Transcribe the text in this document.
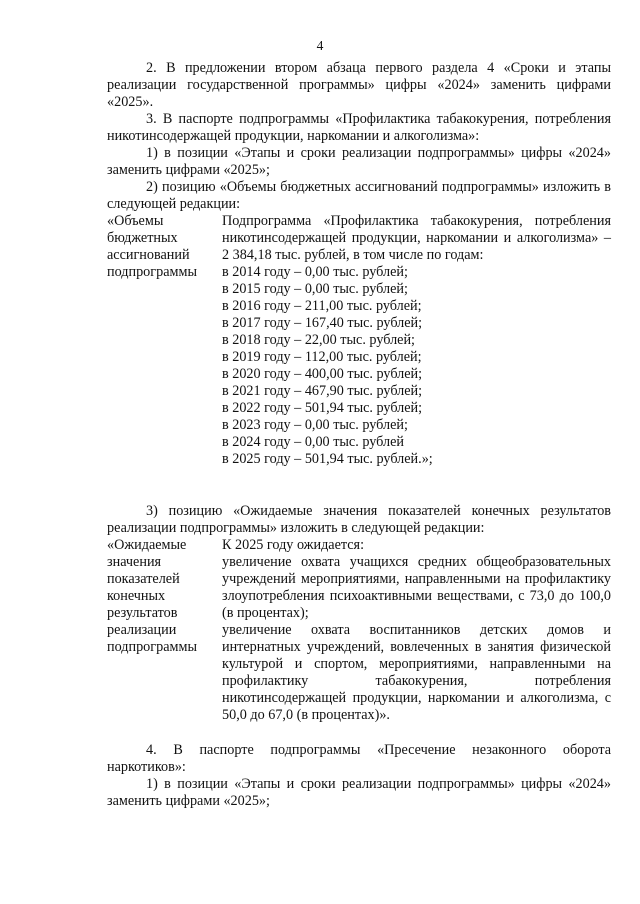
4

2. В предложении втором абзаца первого раздела 4 «Сроки и этапы реализации государственной программы» цифры «2024» заменить цифрами «2025».

3. В паспорте подпрограммы «Профилактика табакокурения, потребления никотинсодержащей продукции, наркомании и алкоголизма»:

1) в позиции «Этапы и сроки реализации подпрограммы» цифры «2024» заменить цифрами «2025»;

2) позицию «Объемы бюджетных ассигнований подпрограммы» изложить в следующей редакции:

«Объемы бюджетных ассигнований подпрограммы

Подпрограмма «Профилактика табакокурения, потребления никотинсодержащей продукции, наркомании и алкоголизма» – 2 384,18 тыс. рублей, в том числе по годам:

в 2014 году – 0,00 тыс. рублей;

в 2015 году – 0,00 тыс. рублей;

в 2016 году – 211,00 тыс. рублей;

в 2017 году – 167,40 тыс. рублей;

в 2018 году – 22,00 тыс. рублей;

в 2019 году – 112,00 тыс. рублей;

в 2020 году – 400,00 тыс. рублей;

в 2021 году – 467,90 тыс. рублей;

в 2022 году – 501,94 тыс. рублей;

в 2023 году – 0,00 тыс. рублей;

в 2024 году – 0,00 тыс. рублей

в 2025 году – 501,94 тыс. рублей.»;

3) позицию «Ожидаемые значения показателей конечных результатов реализации подпрограммы» изложить в следующей редакции:

«Ожидаемые значения показателей конечных результатов реализации подпрограммы

К 2025 году ожидается:

увеличение охвата учащихся средних общеобразовательных учреждений мероприятиями, направленными на профилактику злоупотребления психоактивными веществами, с 73,0 до 100,0 (в процентах);

увеличение охвата воспитанников детских домов и интернатных учреждений, вовлеченных в занятия физической культурой и спортом, мероприятиями, направленными на профилактику табакокурения, потребления никотинсодержащей продукции, наркомании и алкоголизма, с 50,0 до 67,0 (в процентах)».

4. В паспорте подпрограммы «Пресечение незаконного оборота наркотиков»:

1) в позиции «Этапы и сроки реализации подпрограммы» цифры «2024» заменить цифрами «2025»;
